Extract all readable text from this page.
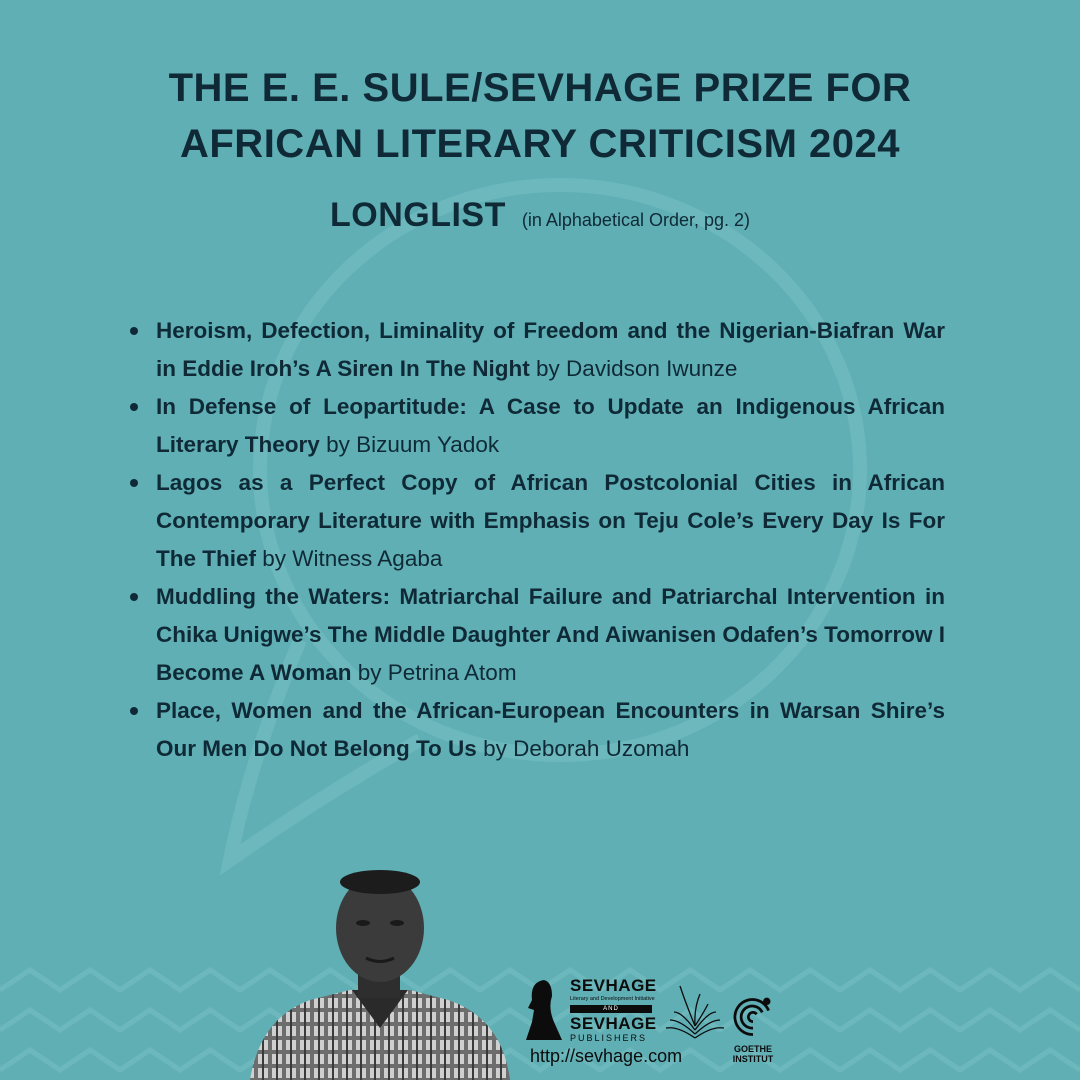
THE E. E. SULE/SEVHAGE PRIZE FOR
AFRICAN LITERARY CRITICISM 2024
LONGLIST (in Alphabetical Order, pg. 2)
Heroism, Defection, Liminality of Freedom and the Nigerian-Biafran War in Eddie Iroh’s A Siren In The Night by Davidson Iwunze
In Defense of Leopartitude: A Case to Update an Indigenous African Literary Theory by Bizuum Yadok
Lagos as a Perfect Copy of African Postcolonial Cities in African Contemporary Literature with Emphasis on Teju Cole’s Every Day Is For The Thief by Witness Agaba
Muddling the Waters: Matriarchal Failure and Patriarchal Intervention in Chika Unigwe’s The Middle Daughter And Aiwanisen Odafen’s Tomorrow I Become A Woman by Petrina Atom
Place, Women and the African-European Encounters in Warsan Shire’s Our Men Do Not Belong To Us by Deborah Uzomah
SEVHAGE
Literary and Development Initiative
AND
SEVHAGE
PUBLISHERS
http://sevhage.com	GOETHE
INSTITUT
